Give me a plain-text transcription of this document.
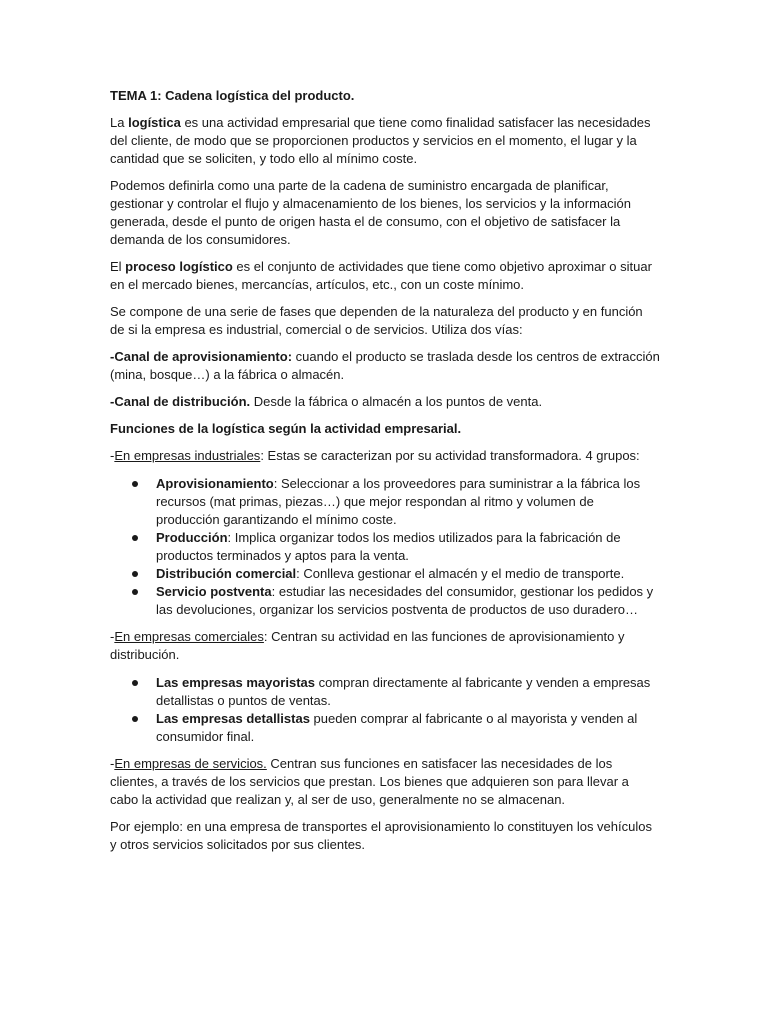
TEMA 1: Cadena logística del producto.

La logística es una actividad empresarial que tiene como finalidad satisfacer las necesidades del cliente, de modo que se proporcionen productos y servicios en el momento, el lugar y la cantidad que se soliciten, y todo ello al mínimo coste.

Podemos definirla como una parte de la cadena de suministro encargada de planificar, gestionar y controlar el flujo y almacenamiento de los bienes, los servicios y la información generada, desde el punto de origen hasta el de consumo, con el objetivo de satisfacer la demanda de los consumidores.

El proceso logístico es el conjunto de actividades que tiene como objetivo aproximar o situar en el mercado bienes, mercancías, artículos, etc., con un coste mínimo.

Se compone de una serie de fases que dependen de la naturaleza del producto y en función de si la empresa es industrial, comercial o de servicios. Utiliza dos vías:

-Canal de aprovisionamiento: cuando el producto se traslada desde los centros de extracción (mina, bosque…) a la fábrica o almacén.

-Canal de distribución. Desde la fábrica o almacén a los puntos de venta.

Funciones de la logística según la actividad empresarial.

-En empresas industriales: Estas se caracterizan por su actividad transformadora. 4 grupos:

Aprovisionamiento: Seleccionar a los proveedores para suministrar a la fábrica los recursos (mat primas, piezas…) que mejor respondan al ritmo y volumen de producción garantizando el mínimo coste.
Producción: Implica organizar todos los medios utilizados para la fabricación de productos terminados y aptos para la venta.
Distribución comercial: Conlleva gestionar el almacén y el medio de transporte.
Servicio postventa: estudiar las necesidades del consumidor, gestionar los pedidos y las devoluciones, organizar los servicios postventa de productos de uso duradero…

-En empresas comerciales: Centran su actividad en las funciones de aprovisionamiento y distribución.

Las empresas mayoristas compran directamente al fabricante y venden a empresas detallistas o puntos de ventas.
Las empresas detallistas pueden comprar al fabricante o al mayorista y venden al consumidor final.

-En empresas de servicios. Centran sus funciones en satisfacer las necesidades de los clientes, a través de los servicios que prestan. Los bienes que adquieren son para llevar a cabo la actividad que realizan y, al ser de uso, generalmente no se almacenan.

Por ejemplo: en una empresa de transportes el aprovisionamiento lo constituyen los vehículos y otros servicios solicitados por sus clientes.
